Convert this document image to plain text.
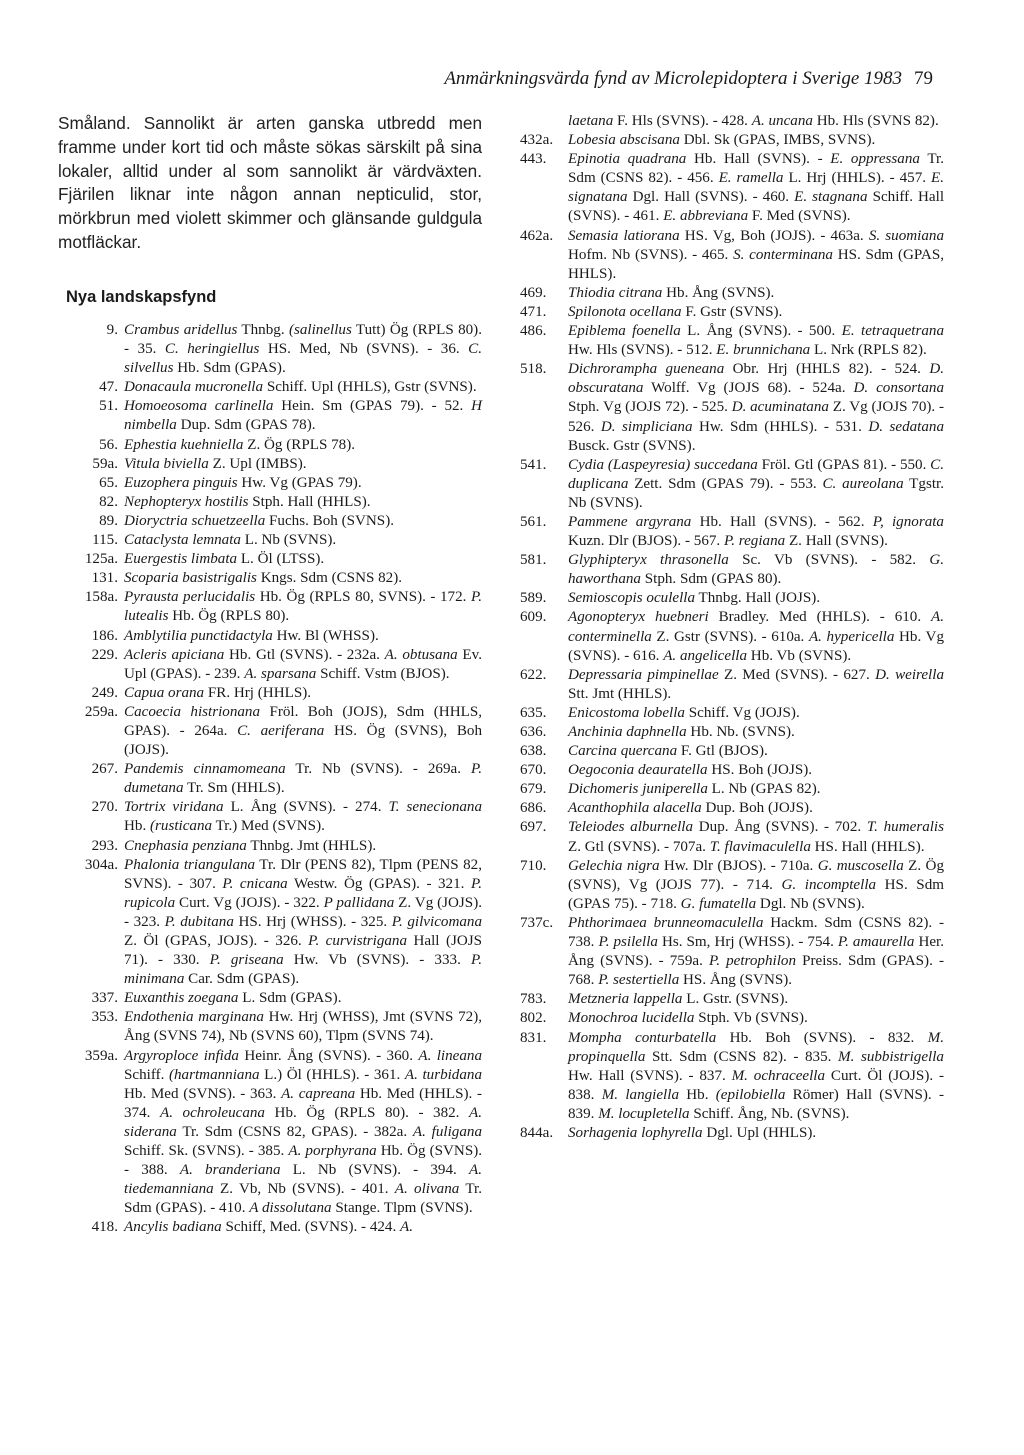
Anmärkningsvärda fynd av Microlepidoptera i Sverige 1983 79

Småland. Sannolikt är arten ganska utbredd men framme under kort tid och måste sökas särskilt på sina lokaler, alltid under al som sannolikt är värdväxten. Fjärilen liknar inte någon annan nepticulid, stor, mörkbrun med violett skimmer och glänsande guldgula motfläckar.

Nya landskapsfynd
9. Crambus aridellus Thnbg. (salinellus Tutt) Ög (RPLS 80). - 35. C. heringiellus HS. Med, Nb (SVNS). - 36. C. silvellus Hb. Sdm (GPAS).
47. Donacaula mucronella Schiff. Upl (HHLS), Gstr (SVNS).
51. Homoeosoma carlinella Hein. Sm (GPAS 79). - 52. H nimbella Dup. Sdm (GPAS 78).
56. Ephestia kuehniella Z. Ög (RPLS 78).
59a. Vitula biviella Z. Upl (IMBS).
65. Euzophera pinguis Hw. Vg (GPAS 79).
82. Nephopteryx hostilis Stph. Hall (HHLS).
89. Dioryctria schuetzeella Fuchs. Boh (SVNS).
115. Cataclysta lemnata L. Nb (SVNS).
125a. Euergestis limbata L. Öl (LTSS).
131. Scoparia basistrigalis Kngs. Sdm (CSNS 82).
158a. Pyrausta perlucidalis Hb. Ög (RPLS 80, SVNS). - 172. P. lutealis Hb. Ög (RPLS 80).
186. Amblytilia punctidactyla Hw. Bl (WHSS).
229. Acleris apiciana Hb. Gtl (SVNS). - 232a. A. obtusana Ev. Upl (GPAS). - 239. A. sparsana Schiff. Vstm (BJOS).
249. Capua orana FR. Hrj (HHLS).
259a. Cacoecia histrionana Fröl. Boh (JOJS), Sdm (HHLS, GPAS). - 264a. C. aeriferana HS. Ög (SVNS), Boh (JOJS).
267. Pandemis cinnamomeana Tr. Nb (SVNS). - 269a. P. dumetana Tr. Sm (HHLS).
270. Tortrix viridana L. Ång (SVNS). - 274. T. senecionana Hb. (rusticana Tr.) Med (SVNS).
293. Cnephasia penziana Thnbg. Jmt (HHLS).
304a. Phalonia triangulana Tr. Dlr (PENS 82), Tlpm (PENS 82, SVNS). - 307. P. cnicana Westw. Ög (GPAS). - 321. P. rupicola Curt. Vg (JOJS). - 322. P pallidana Z. Vg (JOJS). - 323. P. dubitana HS. Hrj (WHSS). - 325. P. gilvicomana Z. Öl (GPAS, JOJS). - 326. P. curvistrigana Hall (JOJS 71). - 330. P. griseana Hw. Vb (SVNS). - 333. P. minimana Car. Sdm (GPAS).
337. Euxanthis zoegana L. Sdm (GPAS).
353. Endothenia marginana Hw. Hrj (WHSS), Jmt (SVNS 72), Ång (SVNS 74), Nb (SVNS 60), Tlpm (SVNS 74).
359a. Argyroploce infida Heinr. Ång (SVNS). - 360. A. lineana Schiff. (hartmanniana L.) Öl (HHLS). - 361. A. turbidana Hb. Med (SVNS). - 363. A. capreana Hb. Med (HHLS). - 374. A. ochroleucana Hb. Ög (RPLS 80). - 382. A. siderana Tr. Sdm (CSNS 82, GPAS). - 382a. A. fuligana Schiff. Sk. (SVNS). - 385. A. porphyrana Hb. Ög (SVNS). - 388. A. branderiana L. Nb (SVNS). - 394. A. tiedemanniana Z. Vb, Nb (SVNS). - 401. A. olivana Tr. Sdm (GPAS). - 410. A dissolutana Stange. Tlpm (SVNS).
418. Ancylis badiana Schiff, Med. (SVNS). - 424. A.
laetana F. Hls (SVNS). - 428. A. uncana Hb. Hls (SVNS 82).
432a. Lobesia abscisana Dbl. Sk (GPAS, IMBS, SVNS).
443.	Epinotia quadrana Hb. Hall (SVNS). - E. oppressana Tr. Sdm (CSNS 82). - 456. E. ramella L. Hrj (HHLS). - 457. E. signatana Dgl. Hall (SVNS). - 460. E. stagnana Schiff. Hall (SVNS). - 461. E. abbreviana F. Med (SVNS).
462a. Semasia latiorana HS. Vg, Boh (JOJS). - 463a. S. suomiana Hofm. Nb (SVNS). - 465. S. conterminana HS. Sdm (GPAS, HHLS).
469.	Thiodia citrana Hb. Ång (SVNS).
471.	Spilonota ocellana F. Gstr (SVNS).
486.	Epiblema foenella L. Ång (SVNS). - 500. E. tetraquetrana Hw. Hls (SVNS). - 512. E. brunnichana L. Nrk (RPLS 82).
518.	Dichrorampha gueneana Obr. Hrj (HHLS 82). - 524. D. obscuratana Wolff. Vg (JOJS 68). - 524a. D. consortana Stph. Vg (JOJS 72). - 525. D. acuminatana Z. Vg (JOJS 70). - 526. D. simpliciana Hw. Sdm (HHLS). - 531. D. sedatana Busck. Gstr (SVNS).
541.	Cydia (Laspeyresia) succedana Fröl. Gtl (GPAS 81). - 550. C. duplicana Zett. Sdm (GPAS 79). - 553. C. aureolana Tgstr. Nb (SVNS).
561.	Pammene argyrana Hb. Hall (SVNS). - 562. P, ignorata Kuzn. Dlr (BJOS). - 567. P. regiana Z. Hall (SVNS).
581.	Glyphipteryx thrasonella Sc. Vb (SVNS). - 582. G. haworthana Stph. Sdm (GPAS 80).
589.	Semioscopis oculella Thnbg. Hall (JOJS).
609.	Agonopteryx huebneri Bradley. Med (HHLS). - 610. A. conterminella Z. Gstr (SVNS). - 610a. A. hypericella Hb. Vg (SVNS). - 616. A. angelicella Hb. Vb (SVNS).
622.	Depressaria pimpinellae Z. Med (SVNS). - 627. D. weirella Stt. Jmt (HHLS).
635.	Enicostoma lobella Schiff. Vg (JOJS).
636.	Anchinia daphnella Hb. Nb. (SVNS).
638.	Carcina quercana F. Gtl (BJOS).
670.	Oegoconia deauratella HS. Boh (JOJS).
679.	Dichomeris juniperella L. Nb (GPAS 82).
686.	Acanthophila alacella Dup. Boh (JOJS).
697.	Teleiodes alburnella Dup. Ång (SVNS). - 702. T. humeralis Z. Gtl (SVNS). - 707a. T. flavimaculella HS. Hall (HHLS).
710.	Gelechia nigra Hw. Dlr (BJOS). - 710a. G. muscosella Z. Ög (SVNS), Vg (JOJS 77). - 714. G. incomptella HS. Sdm (GPAS 75). - 718. G. fumatella Dgl. Nb (SVNS).
737c. Phthorimaea brunneomaculella Hackm. Sdm (CSNS 82). - 738. P. psilella Hs. Sm, Hrj (WHSS). - 754. P. amaurella Her. Ång (SVNS). - 759a. P. petrophilon Preiss. Sdm (GPAS). - 768. P. sestertiella HS. Ång (SVNS).
783.	Metzneria lappella L. Gstr. (SVNS).
802.	Monochroa lucidella Stph. Vb (SVNS).
831.	Mompha conturbatella Hb. Boh (SVNS). - 832. M. propinquella Stt. Sdm (CSNS 82). - 835. M. subbistrigella Hw. Hall (SVNS). - 837. M. ochraceella Curt. Öl (JOJS). - 838. M. langiella Hb. (epilobiella Römer) Hall (SVNS). - 839. M. locupletella Schiff. Ång, Nb. (SVNS).
844a. Sorhagenia lophyrella Dgl. Upl (HHLS).
